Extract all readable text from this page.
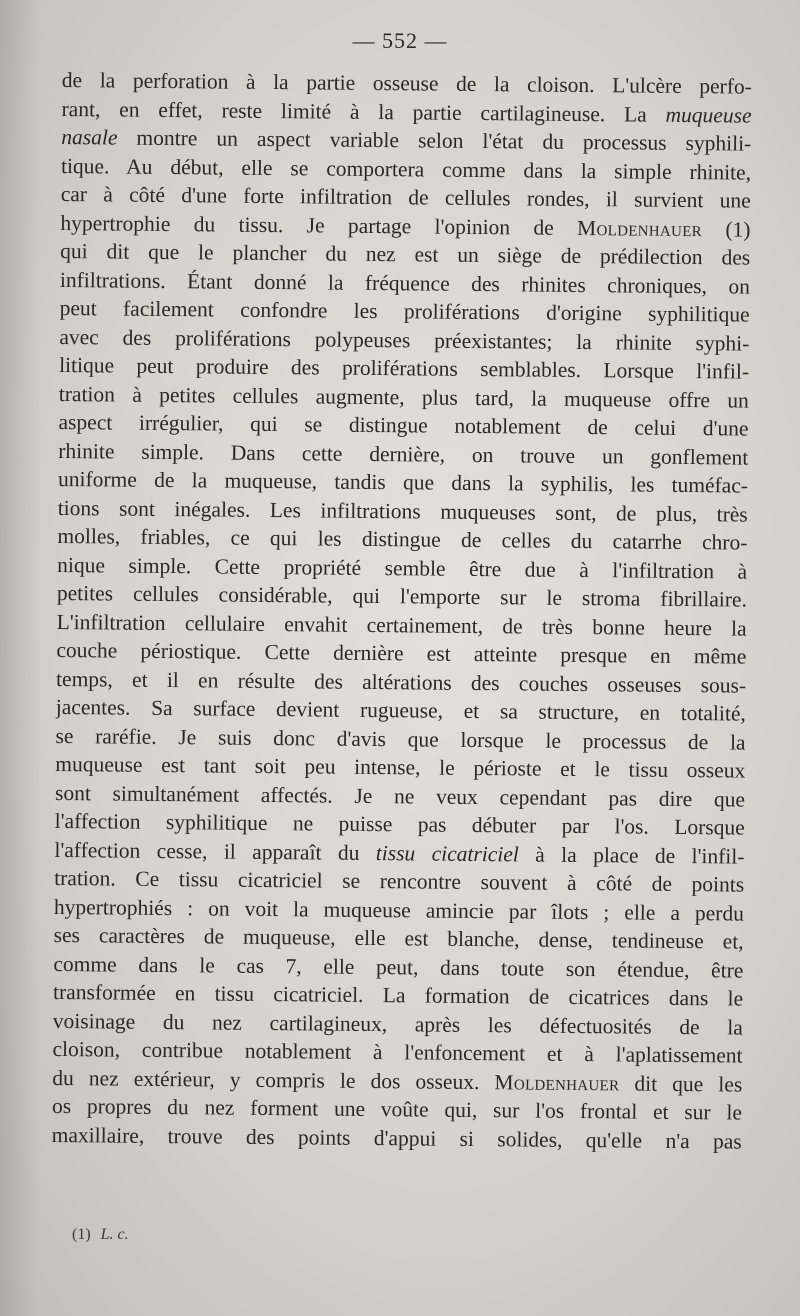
— 552 —
de la perforation à la partie osseuse de la cloison. L'ulcère perfo-
rant, en effet, reste limité à la partie cartilagineuse. La muqueuse
nasale montre un aspect variable selon l'état du processus syphili-
tique. Au début, elle se comportera comme dans la simple rhinite,
car à côté d'une forte infiltration de cellules rondes, il survient une
hypertrophie du tissu. Je partage l'opinion de Moldenhauer (1)
qui dit que le plancher du nez est un siège de prédilection des
infiltrations. Étant donné la fréquence des rhinites chroniques, on
peut facilement confondre les proliférations d'origine syphilitique
avec des proliférations polypeuses préexistantes; la rhinite syphi-
litique peut produire des proliférations semblables. Lorsque l'infil-
tration à petites cellules augmente, plus tard, la muqueuse offre un
aspect irrégulier, qui se distingue notablement de celui d'une
rhinite simple. Dans cette dernière, on trouve un gonflement
uniforme de la muqueuse, tandis que dans la syphilis, les tuméfac-
tions sont inégales. Les infiltrations muqueuses sont, de plus, très
molles, friables, ce qui les distingue de celles du catarrhe chro-
nique simple. Cette propriété semble être due à l'infiltration à
petites cellules considérable, qui l'emporte sur le stroma fibrillaire.
L'infiltration cellulaire envahit certainement, de très bonne heure la
couche périostique. Cette dernière est atteinte presque en même
temps, et il en résulte des altérations des couches osseuses sous-
jacentes. Sa surface devient rugueuse, et sa structure, en totalité,
se raréfie. Je suis donc d'avis que lorsque le processus de la
muqueuse est tant soit peu intense, le périoste et le tissu osseux
sont simultanément affectés. Je ne veux cependant pas dire que
l'affection syphilitique ne puisse pas débuter par l'os. Lorsque
l'affection cesse, il apparaît du tissu cicatriciel à la place de l'infil-
tration. Ce tissu cicatriciel se rencontre souvent à côté de points
hypertrophiés : on voit la muqueuse amincie par îlots ; elle a perdu
ses caractères de muqueuse, elle est blanche, dense, tendineuse et,
comme dans le cas 7, elle peut, dans toute son étendue, être
transformée en tissu cicatriciel. La formation de cicatrices dans le
voisinage du nez cartilagineux, après les défectuosités de la
cloison, contribue notablement à l'enfoncement et à l'aplatissement
du nez extérieur, y compris le dos osseux. Moldenhauer dit que les
os propres du nez forment une voûte qui, sur l'os frontal et sur le
maxillaire, trouve des points d'appui si solides, qu'elle n'a pas
(1) L. c.
